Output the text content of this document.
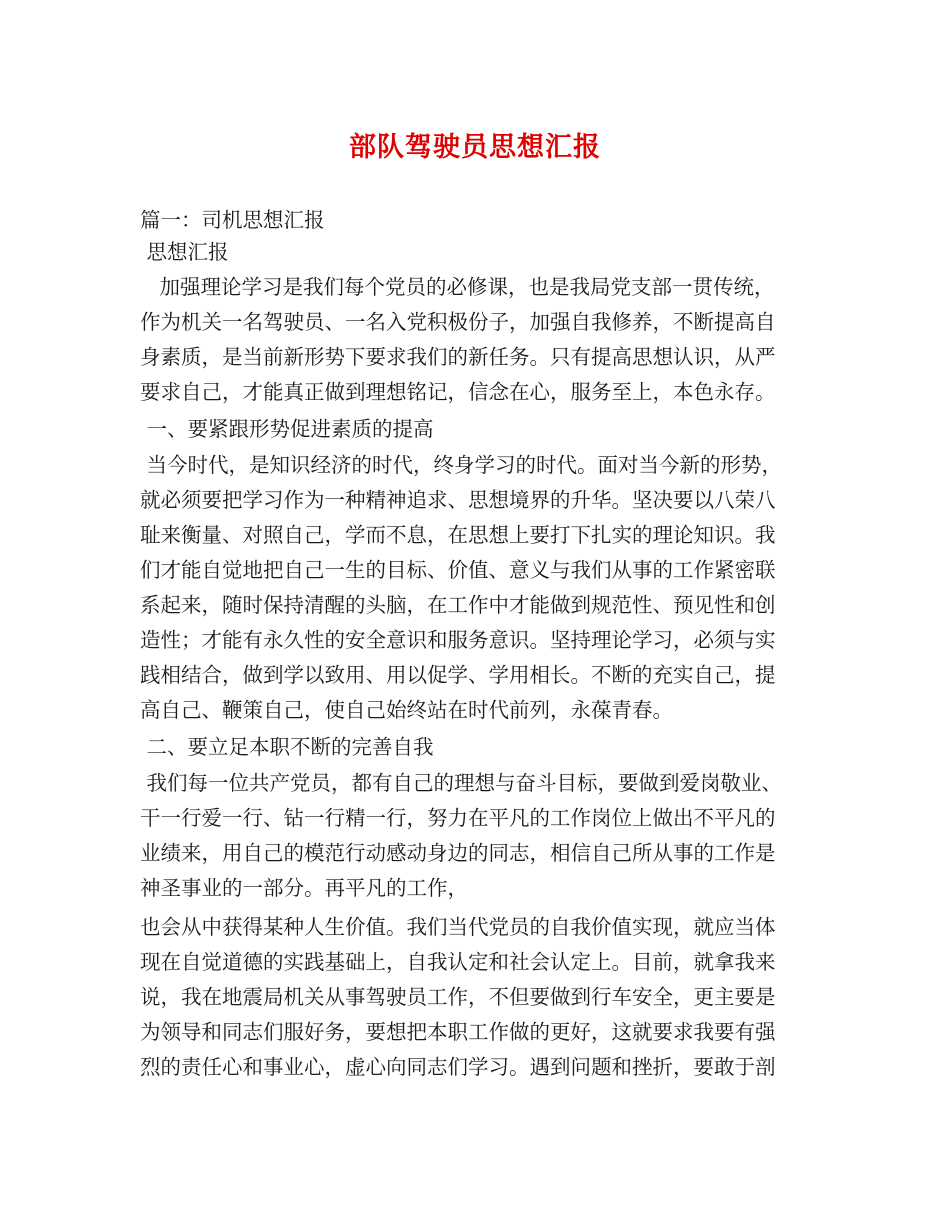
部队驾驶员思想汇报
篇一：司机思想汇报
思想汇报
加强理论学习是我们每个党员的必修课，也是我局党支部一贯传统，
作为机关一名驾驶员、一名入党积极份子，加强自我修养，不断提高自
身素质，是当前新形势下要求我们的新任务。只有提高思想认识，从严
要求自己，才能真正做到理想铭记，信念在心，服务至上，本色永存。
一、要紧跟形势促进素质的提高
当今时代，是知识经济的时代，终身学习的时代。面对当今新的形势，
就必须要把学习作为一种精神追求、思想境界的升华。坚决要以八荣八
耻来衡量、对照自己，学而不息，在思想上要打下扎实的理论知识。我
们才能自觉地把自己一生的目标、价值、意义与我们从事的工作紧密联
系起来，随时保持清醒的头脑，在工作中才能做到规范性、预见性和创
造性；才能有永久性的安全意识和服务意识。坚持理论学习，必须与实
践相结合，做到学以致用、用以促学、学用相长。不断的充实自己，提
高自己、鞭策自己，使自己始终站在时代前列，永葆青春。
二、要立足本职不断的完善自我
我们每一位共产党员，都有自己的理想与奋斗目标，要做到爱岗敬业、
干一行爱一行、钻一行精一行，努力在平凡的工作岗位上做出不平凡的
业绩来，用自己的模范行动感动身边的同志，相信自己所从事的工作是
神圣事业的一部分。再平凡的工作，
也会从中获得某种人生价值。我们当代党员的自我价值实现，就应当体
现在自觉道德的实践基础上，自我认定和社会认定上。目前，就拿我来
说，我在地震局机关从事驾驶员工作，不但要做到行车安全，更主要是
为领导和同志们服好务，要想把本职工作做的更好，这就要求我要有强
烈的责任心和事业心，虚心向同志们学习。遇到问题和挫折，要敢于剖
